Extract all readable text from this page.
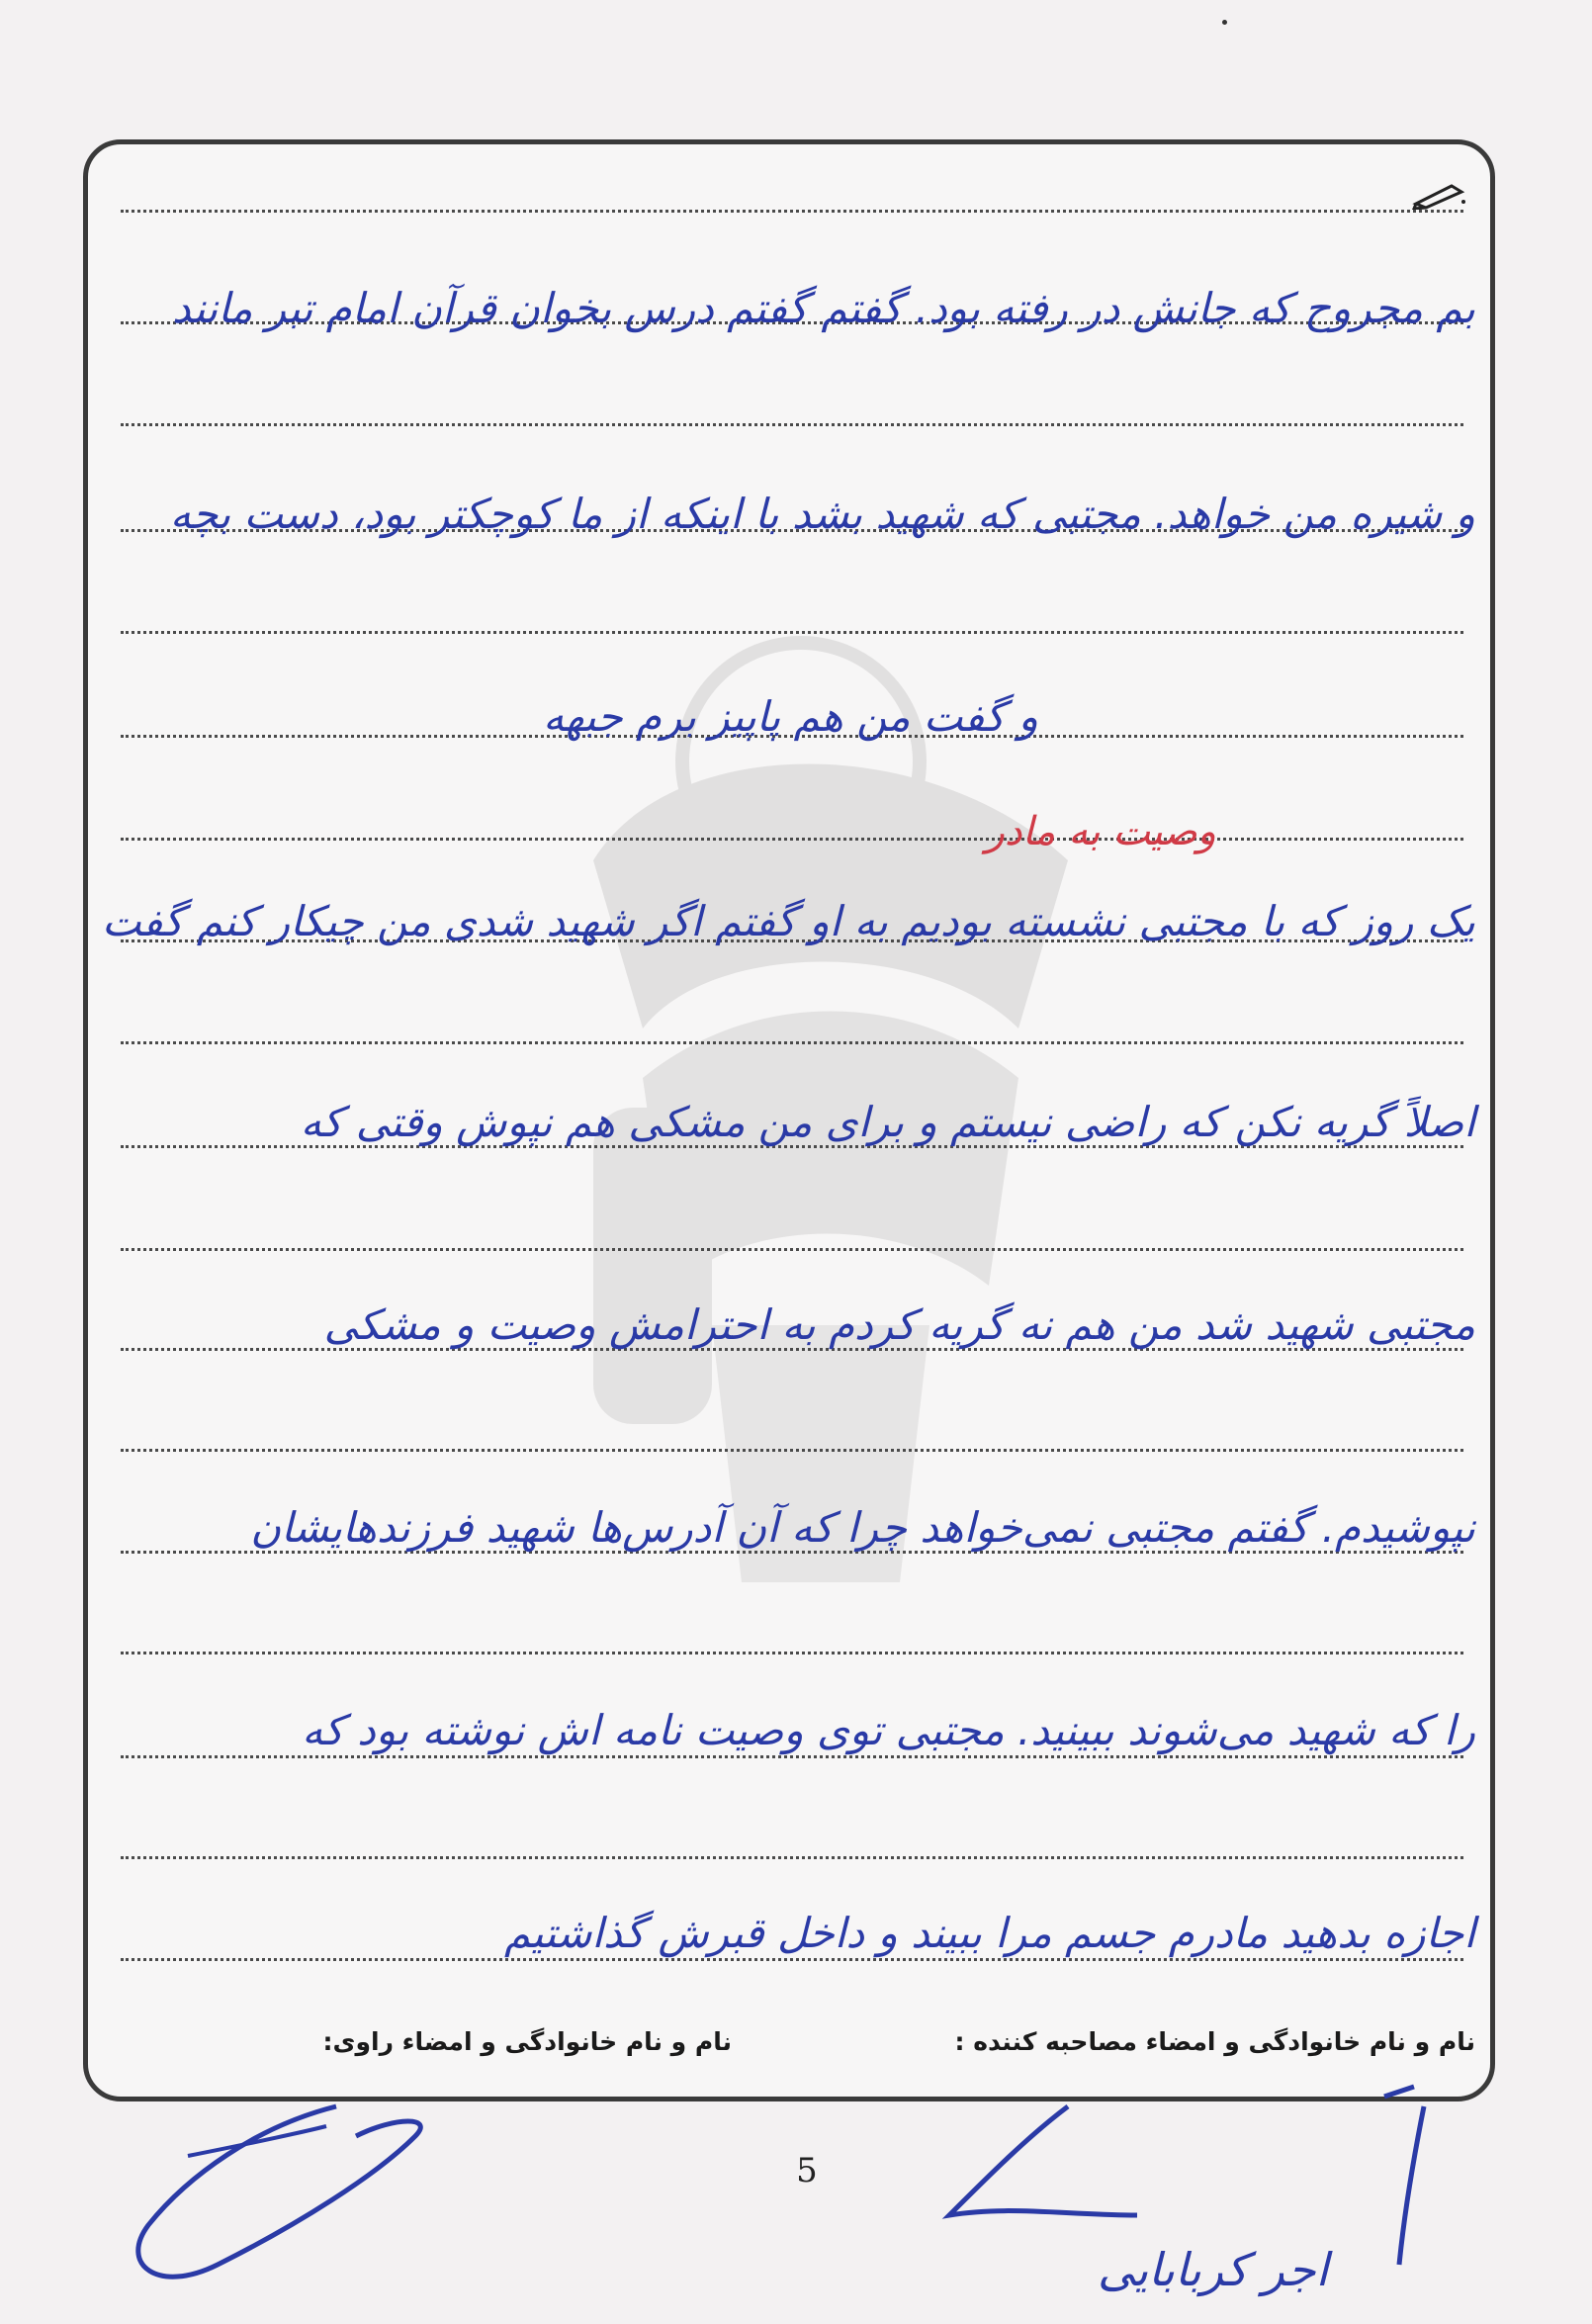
بم مجروح که جانش در رفته بود. گفتم گفتم درس بخوان قرآن امام تبر مانند
و شیره من خواهد. مجتبی که شهید بشد با اینکه از ما کوچکتر بود، دست بچه
و گفت من هم پاپیز برم جبهه
وصیت به مادر
یک روز که با مجتبی نشسته بودیم به او گفتم اگر شهید شدی من چیکار کنم گفت
اصلاً گریه نکن که راضی نیستم و برای من مشکی هم نپوش وقتی که
مجتبی شهید شد من هم نه گریه کردم به احترامش وصیت و مشکی
نپوشیدم. گفتم مجتبی نمی‌خواهد چرا که آن آدرس‌ها شهید فرزندهایشان
را که شهید می‌شوند ببینید. مجتبی توی وصیت نامه اش نوشته بود که
اجازه بدهید مادرم جسم مرا ببیند و داخل قبرش گذاشتیم
نام و نام خانوادگی و امضاء مصاحبه کننده :
نام و نام خانوادگی و امضاء راوی:
اجر کربابایی
5
